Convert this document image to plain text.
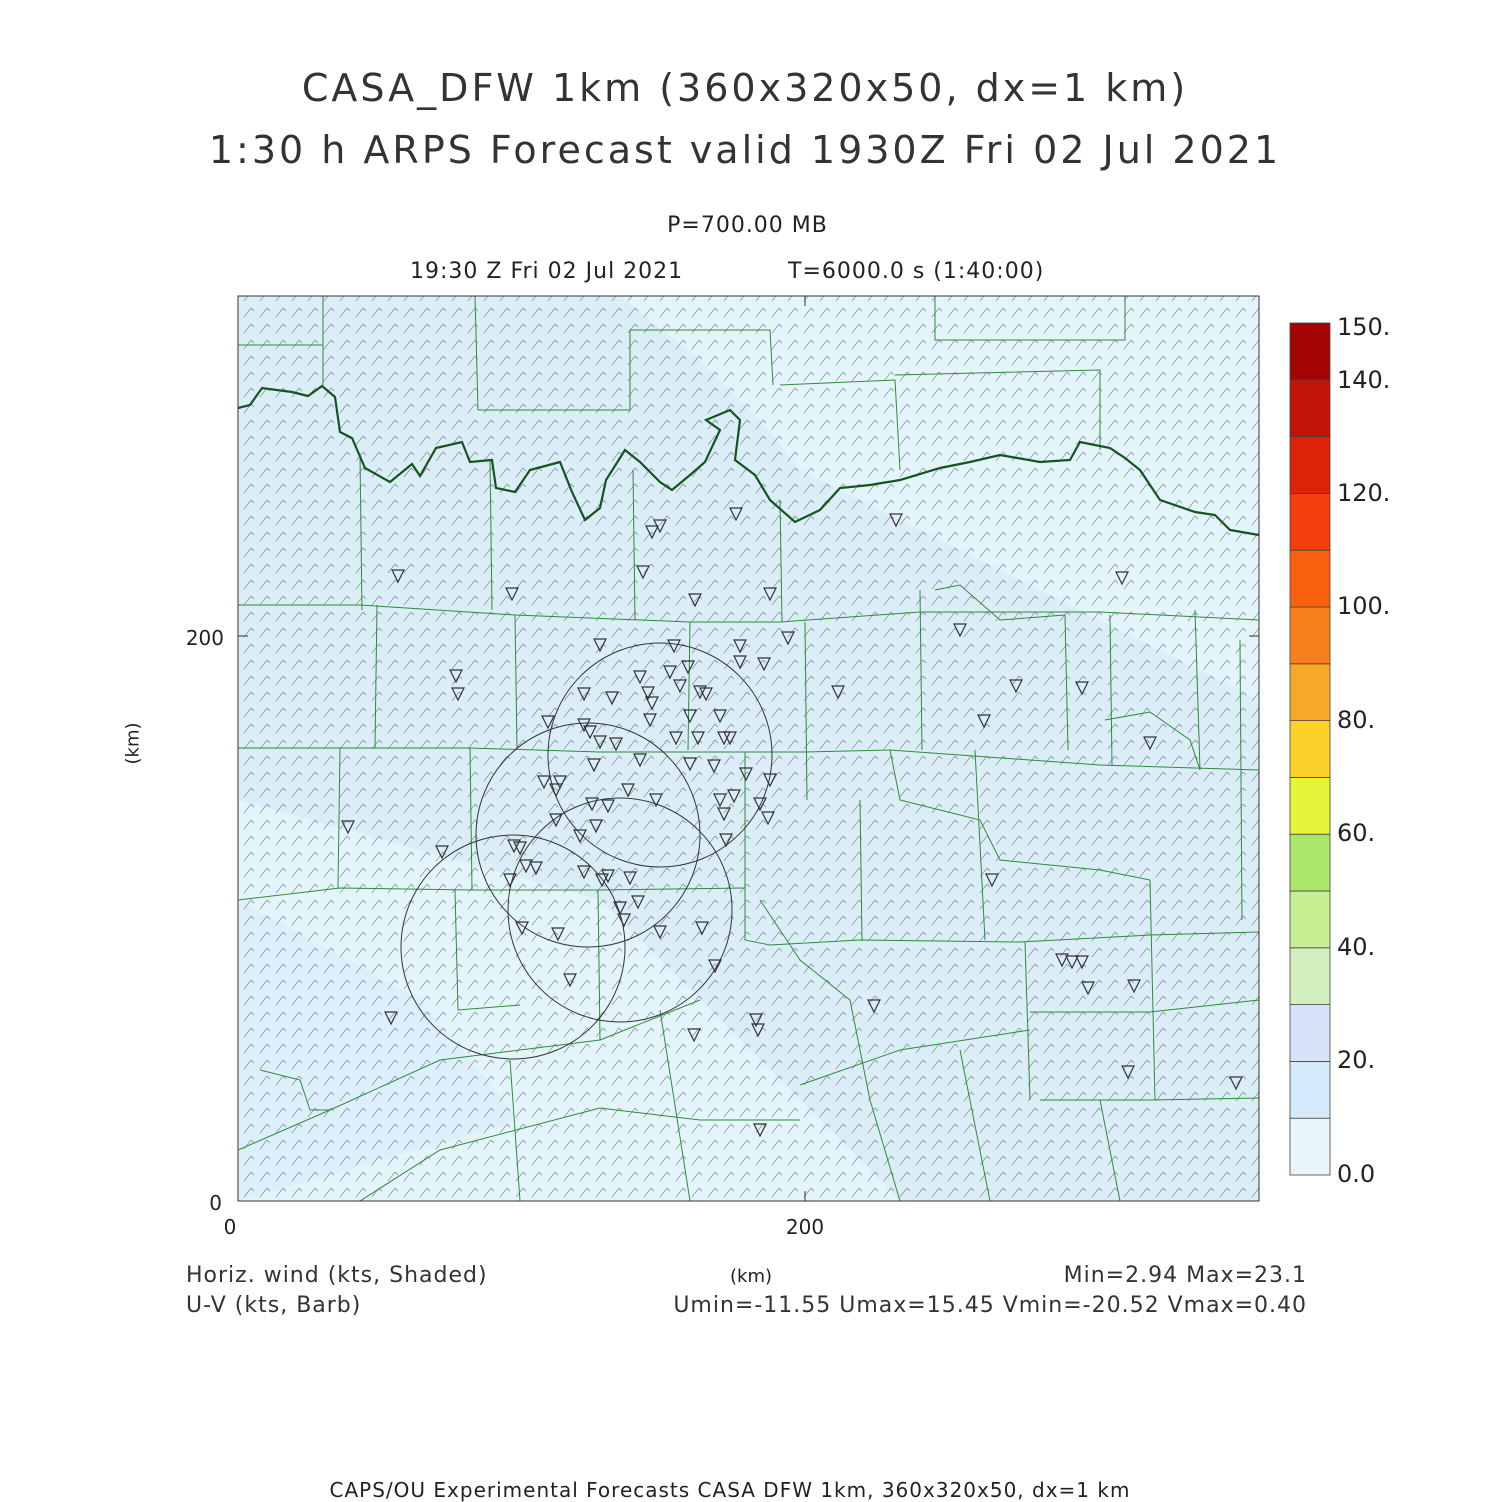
CASA_DFW 1km (360x320x50, dx=1 km)
1:30 h ARPS Forecast valid 1930Z Fri 02 Jul 2021
P=700.00 MB
19:30 Z Fri 02 Jul 2021	T=6000.0 s (1:40:00)
0	200
0
200
150.
140.
120.
100.
80.
60.
40.
20.
0.0
(km)
(km)
Horiz. wind (kts, Shaded)
U-V (kts, Barb)
Min=2.94 Max=23.1
Umin=-11.55 Umax=15.45 Vmin=-20.52 Vmax=0.40
CAPS/OU Experimental Forecasts CASA DFW 1km, 360x320x50, dx=1 km
